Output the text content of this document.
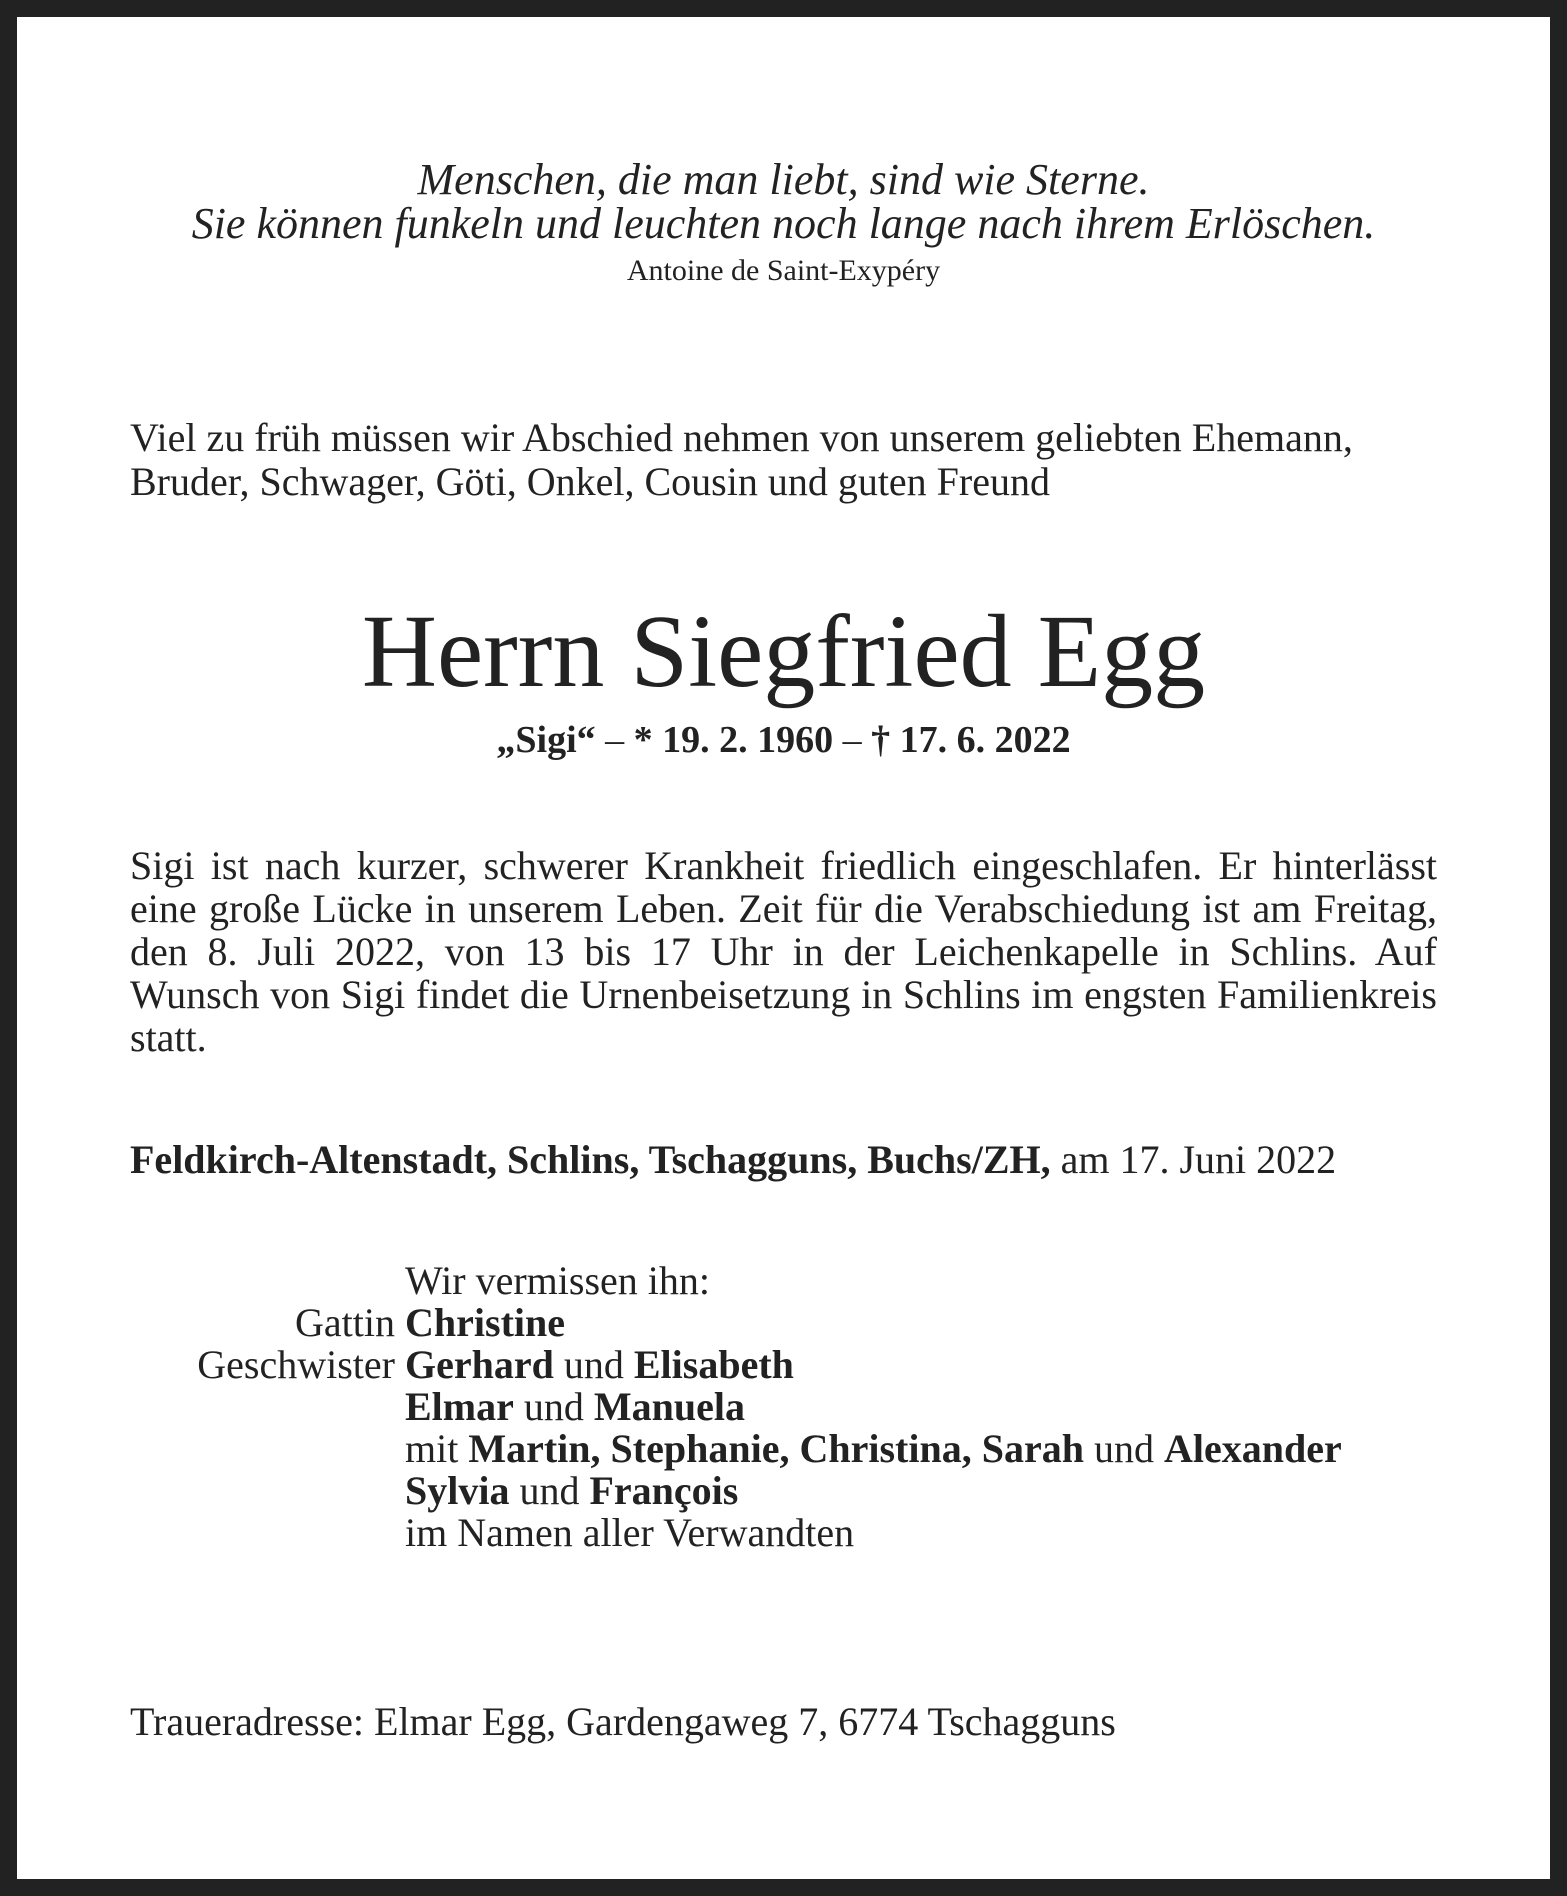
Menschen, die man liebt, sind wie Sterne.
Sie können funkeln und leuchten noch lange nach ihrem Erlöschen.
Antoine de Saint-Exypéry
Viel zu früh müssen wir Abschied nehmen von unserem geliebten Ehemann,
Bruder, Schwager, Göti, Onkel, Cousin und guten Freund
Herrn Siegfried Egg
„Sigi“ – * 19. 2. 1960 – † 17. 6. 2022
Sigi ist nach kurzer, schwerer Krankheit friedlich eingeschlafen. Er hinterlässt eine große Lücke in unserem Leben. Zeit für die Verabschiedung ist am Freitag, den 8. Juli 2022, von 13 bis 17 Uhr in der Leichenkapelle in Schlins. Auf Wunsch von Sigi findet die Urnenbeisetzung in Schlins im engsten Familienkreis statt.
Feldkirch-Altenstadt, Schlins, Tschagguns, Buchs/ZH, am 17. Juni 2022
Wir vermissen ihn:
Gattin Christine
Geschwister Gerhard und Elisabeth
Elmar und Manuela
mit Martin, Stephanie, Christina, Sarah und Alexander
Sylvia und François
im Namen aller Verwandten
Traueradresse: Elmar Egg, Gardengaweg 7, 6774 Tschagguns
